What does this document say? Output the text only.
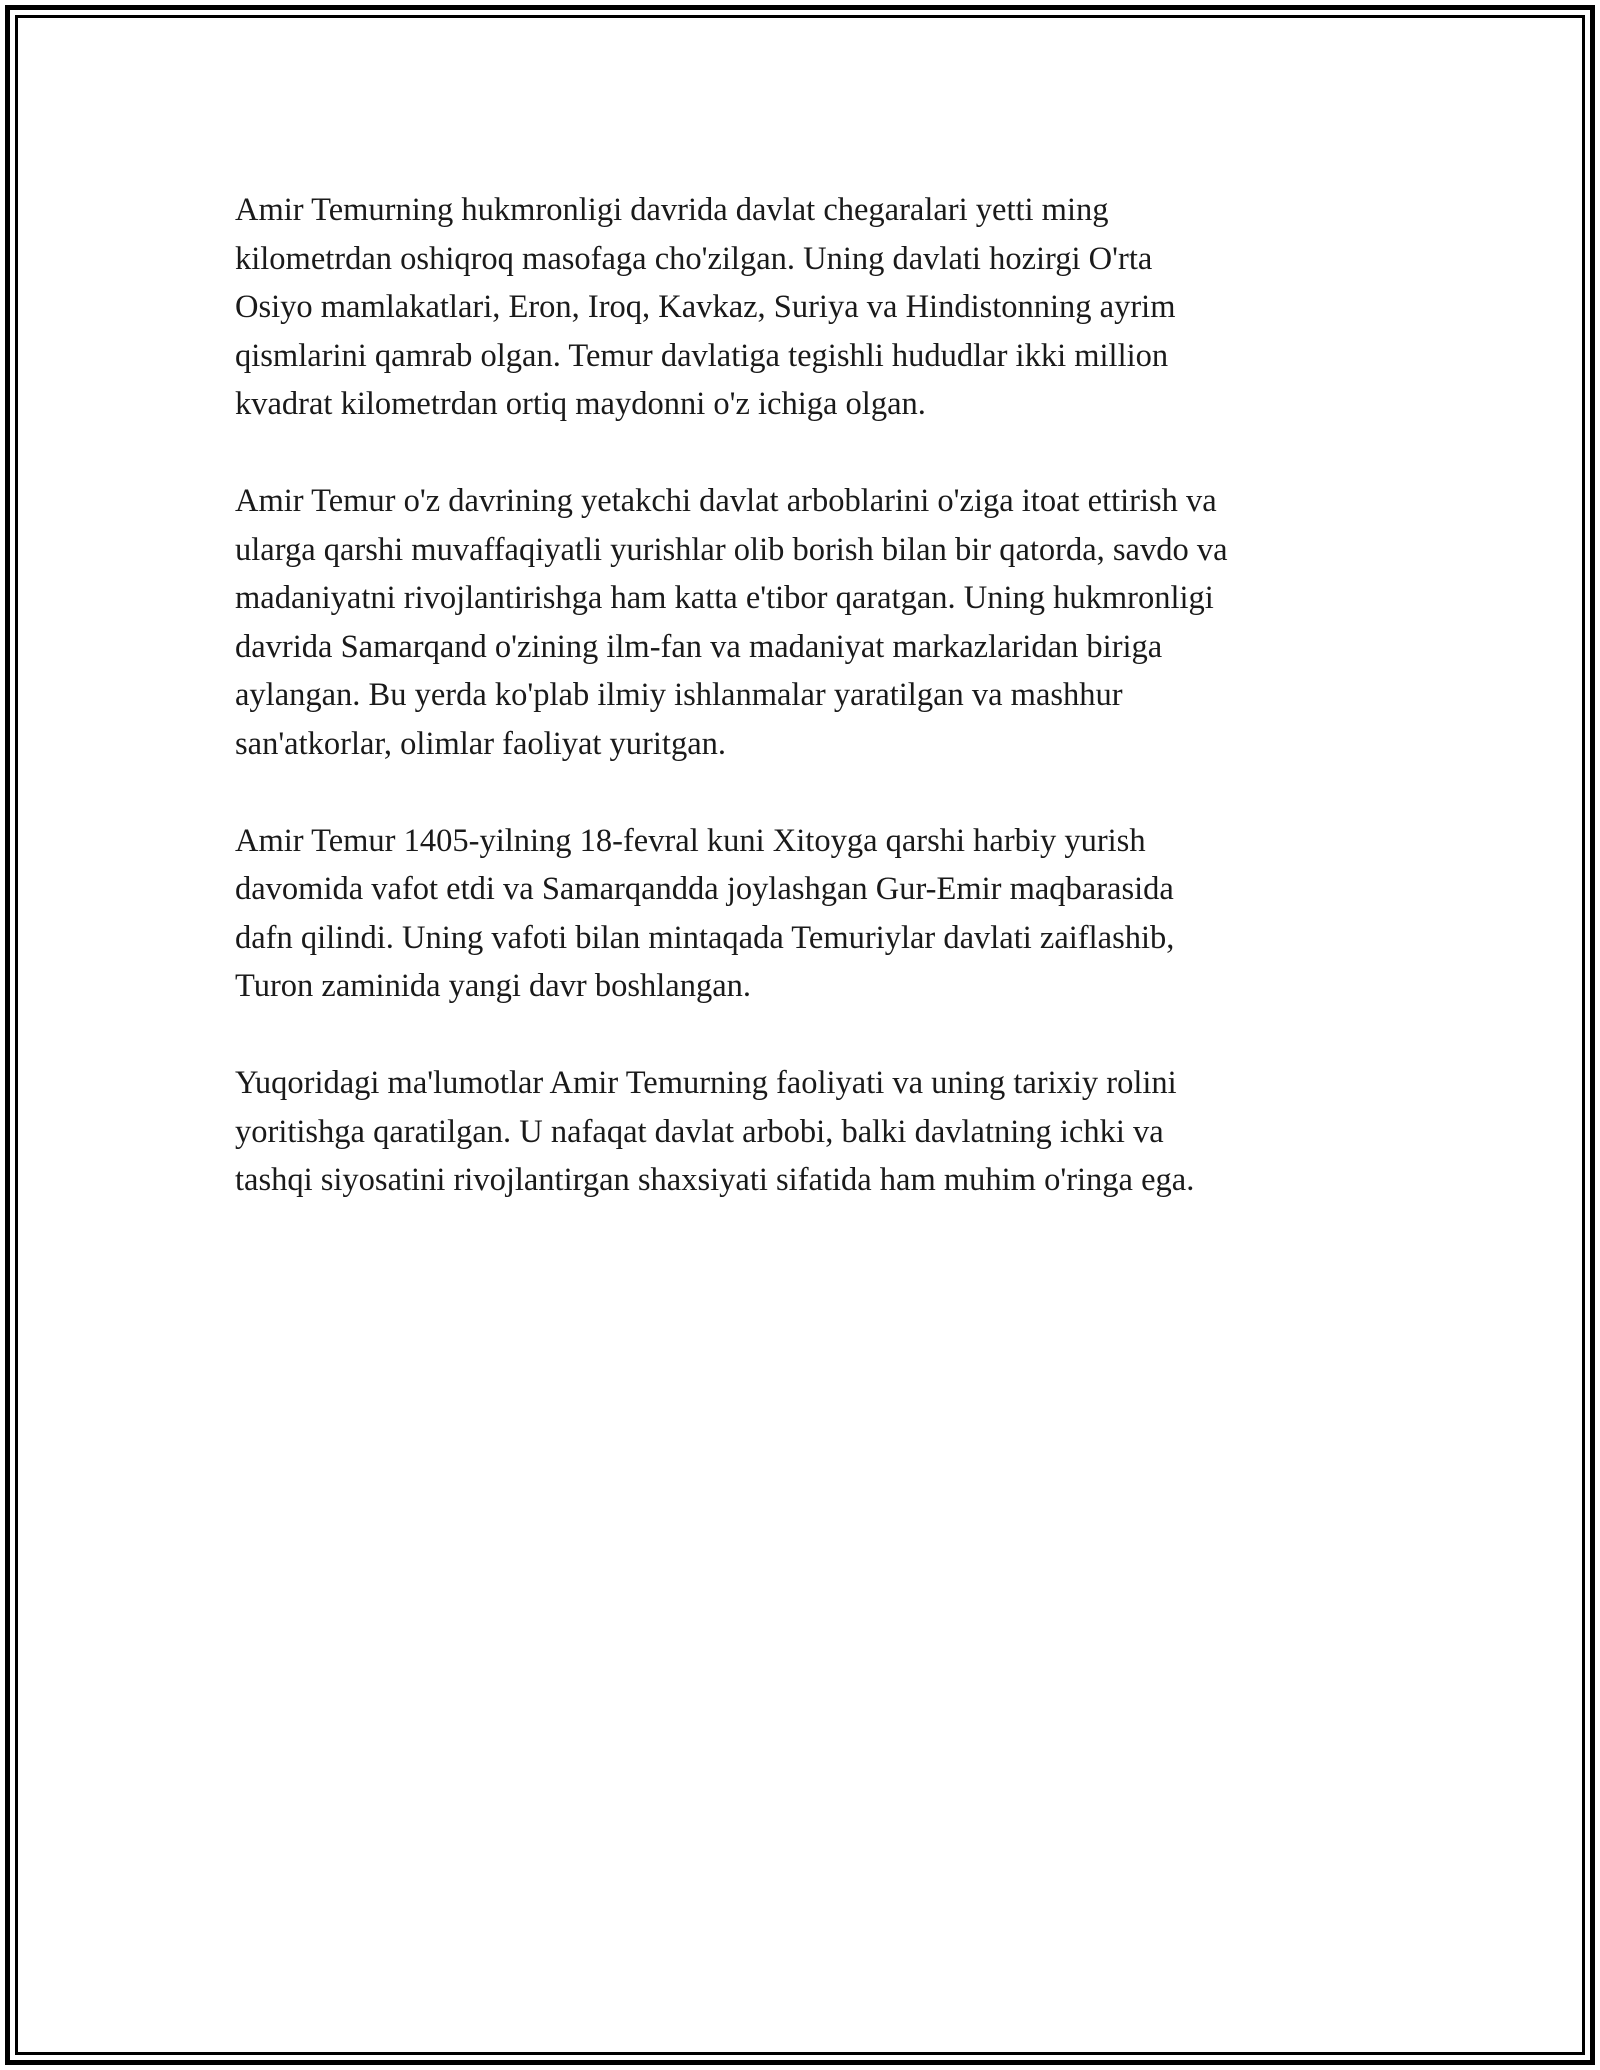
Amir Temurning hukmronligi davrida davlat chegaralari yetti ming
kilometrdan oshiqroq masofaga cho'zilgan. Uning davlati hozirgi O'rta
Osiyo mamlakatlari, Eron, Iroq, Kavkaz, Suriya va Hindistonning ayrim
qismlarini qamrab olgan. Temur davlatiga tegishli hududlar ikki million
kvadrat kilometrdan ortiq maydonni o'z ichiga olgan.

Amir Temur o'z davrining yetakchi davlat arboblarini o'ziga itoat ettirish va
ularga qarshi muvaffaqiyatli yurishlar olib borish bilan bir qatorda, savdo va
madaniyatni rivojlantirishga ham katta e'tibor qaratgan. Uning hukmronligi
davrida Samarqand o'zining ilm-fan va madaniyat markazlaridan biriga
aylangan. Bu yerda ko'plab ilmiy ishlanmalar yaratilgan va mashhur
san'atkorlar, olimlar faoliyat yuritgan.

Amir Temur 1405-yilning 18-fevral kuni Xitoyga qarshi harbiy yurish
davomida vafot etdi va Samarqandda joylashgan Gur-Emir maqbarasida
dafn qilindi. Uning vafoti bilan mintaqada Temuriylar davlati zaiflashib,
Turon zaminida yangi davr boshlangan.

Yuqoridagi ma'lumotlar Amir Temurning faoliyati va uning tarixiy rolini
yoritishga qaratilgan. U nafaqat davlat arbobi, balki davlatning ichki va
tashqi siyosatini rivojlantirgan shaxsiyati sifatida ham muhim o'ringa ega.
